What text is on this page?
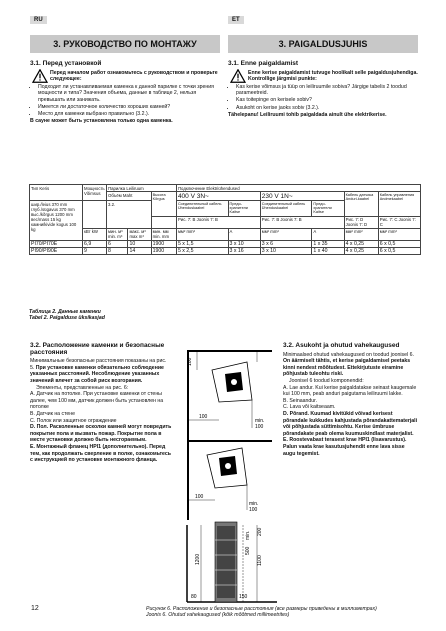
RU	ET
3. РУКОВОДСТВО ПО МОНТАЖУ	3. PAIGALDUSJUHIS
3.1. Перед установкой
Перед началом работ ознакомьтесь с руководством и проверьте следующее:
• Подходит ли устанавливаемая каменка к данной парилке с точки зрения мощности и типа? Значения объема, данные в таблице 2, нельзя превышать или занижать.
• Имеется ли достаточное количество хороших камней?
• Место для каменки выбрано правильно (3.2.).
В сауне может быть установлена только одна каменка.
3.1. Enne paigaldamist
Enne kerise paigaldamist tutvuge hoolikalt selle paigaldusjuhendiga. Kontrollige järgmisi punkte:
• Kas kerise võimsus ja tüüp on leiliruumile sobiva? Järgige tabelis 2 toodud parameetreid.
• Kas toitepinge on kerisele sobiv?
• Asukoht on kerise jaoks sobiv (3.2.).
Tähelepanu! Leiliruumi tohib paigaldada ainult ühe elektrikerise.
Тип Keris	Мощность Võimsus	Парилка Leiliruum			Подключение Elektriühendused					
		Объём Maht		Высота Kõrgus	400 V 3N~		230 V 1N~		Кабель датчика Anduri-kaabel	Кабель управления Andmekaabel
шир./leius 370 mm глуб./sügavus 370 mm выс./kõrgus 1200 mm вес/mass 15 kg камни/kivide kogus 100 kg		3.2.			Соединительный кабель Ühenduskaabel	Предо-хранители Kaitse	Соединительный кабель Ühenduskaabel	Предо-хранители Kaitse		
					Рис. 7: B Joonis 7: B		Рис. 7: B Joonis 7: B		Рис. 7: D Joonis 7: D	Рис. 7: C Joonis 7: C
	кВт kW	мин. м³ min. m³	макс. м³ max m³	мин. мм min. mm	мм² mm²	A	мм² mm²	A	мм² mm²	мм² mm²
PI70/PI70E	6,9	6	10	1900	5 x 1,5	3 x 10	3 x 6	1 x 35	4 x 0,25	6 x 0,5
PI90/PI90E	9	8	14	1900	5 x 2,5	3 x 16	3 x 10	1 x 40	4 x 0,25	6 x 0,5
Таблица 2. Данные каменки
Tabel 2. Paigalduse üksikasjad
3.2. Расположение каменки и безопасные расстояния
Минимальные безопасные расстояния показаны на рис. 5. При установке каменки обязательно соблюдение указанных расстояний. Несоблюдение указанных значений влечет за собой риск возгорания.
Элементы, представленные на рис. 6:
А. Датчик на потолке. При установке каменки от стены далее, чем 100 мм, датчик должен быть установлен на потолке
В. Датчик на стене
С. Полок или защитное ограждение
D. Пол. Расколенные осколки камней могут повредить покрытие пола и вызвать пожар. Покрытие пола в месте установки должно быть несгораемым.
Е. Монтажный фланец HPI1 (дополнительно). Перед тем, как продолжать сверление в полке, ознакомьтесь с инструкцией по установке монтажного фланца.
3.2. Asukoht ja ohutud vahekaugused
Minimaalsed ohutud vahekaugused on toodud joonisel 6. On äärmiselt tähtis, et kerise paigaldamisel peetaks kinni nendest mõõtudest. Ettekirjutuste eiramine põhjustab tuleohtu riski.
Joonisel 6 toodud komponendid:
A. Lae andur. Kui kerise paigaldatakse seinast kaugemale kui 100 mm, peab anduri paigutama leiliruumi lakke.
B. Seinaandur.
C. Lava või kaitseaam.
D. Põrand. Kuumad kivitükid võivad kerisest põrandale kukkudes kahjustada põrandakattematerjali või põhjustada süttimisohtu. Kerise ümbruse põrandakate peab olema kuumuskindlast materjalist.
E. Roostevabast terasest krae HPI1 (lisavarustus). Palun vaata krae kasutusjuhendit enne lava sisse augu tegemist.
100
100
min.
100
100
min.
100
1200
200
1100
min.
500
80	150
Рисунок 6. Расположение и безопасные расстояния (все размеры приведены в миллиметрах)
Joonis 6. Ohutud vahekaugused (kõik mõõtmed millimeetrites)
12
